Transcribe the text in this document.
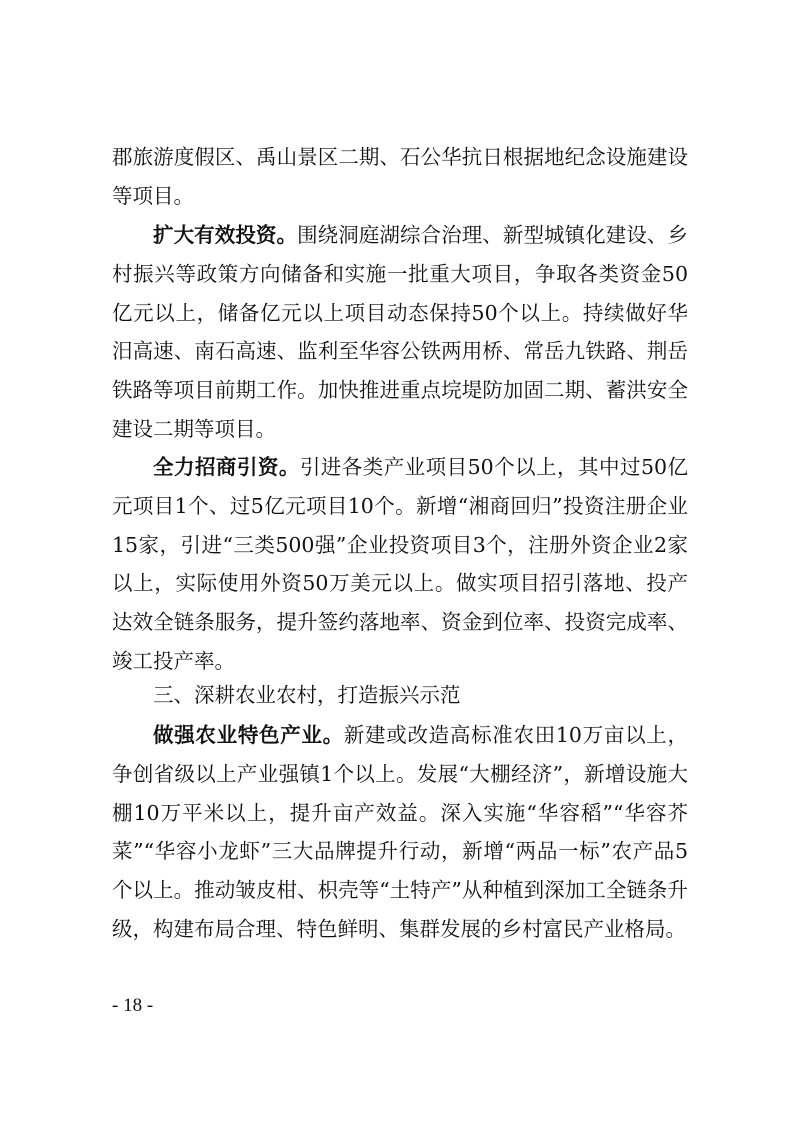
郡旅游度假区、禹山景区二期、石公华抗日根据地纪念设施建设等项目。

扩大有效投资。围绕洞庭湖综合治理、新型城镇化建设、乡村振兴等政策方向储备和实施一批重大项目，争取各类资金50亿元以上，储备亿元以上项目动态保持50个以上。持续做好华汨高速、南石高速、监利至华容公铁两用桥、常岳九铁路、荆岳铁路等项目前期工作。加快推进重点垸堤防加固二期、蓄洪安全建设二期等项目。

全力招商引资。引进各类产业项目50个以上，其中过50亿元项目1个、过5亿元项目10个。新增“湘商回归”投资注册企业15家，引进“三类500强”企业投资项目3个，注册外资企业2家以上，实际使用外资50万美元以上。做实项目招引落地、投产达效全链条服务，提升签约落地率、资金到位率、投资完成率、竣工投产率。

三、深耕农业农村，打造振兴示范

做强农业特色产业。新建或改造高标准农田10万亩以上，争创省级以上产业强镇1个以上。发展“大棚经济”，新增设施大棚10万平米以上，提升亩产效益。深入实施“华容稻”“华容芥菜”“华容小龙虾”三大品牌提升行动，新增“两品一标”农产品5个以上。推动皱皮柑、枳壳等“土特产”从种植到深加工全链条升级，构建布局合理、特色鲜明、集群发展的乡村富民产业格局。

- 18 -
